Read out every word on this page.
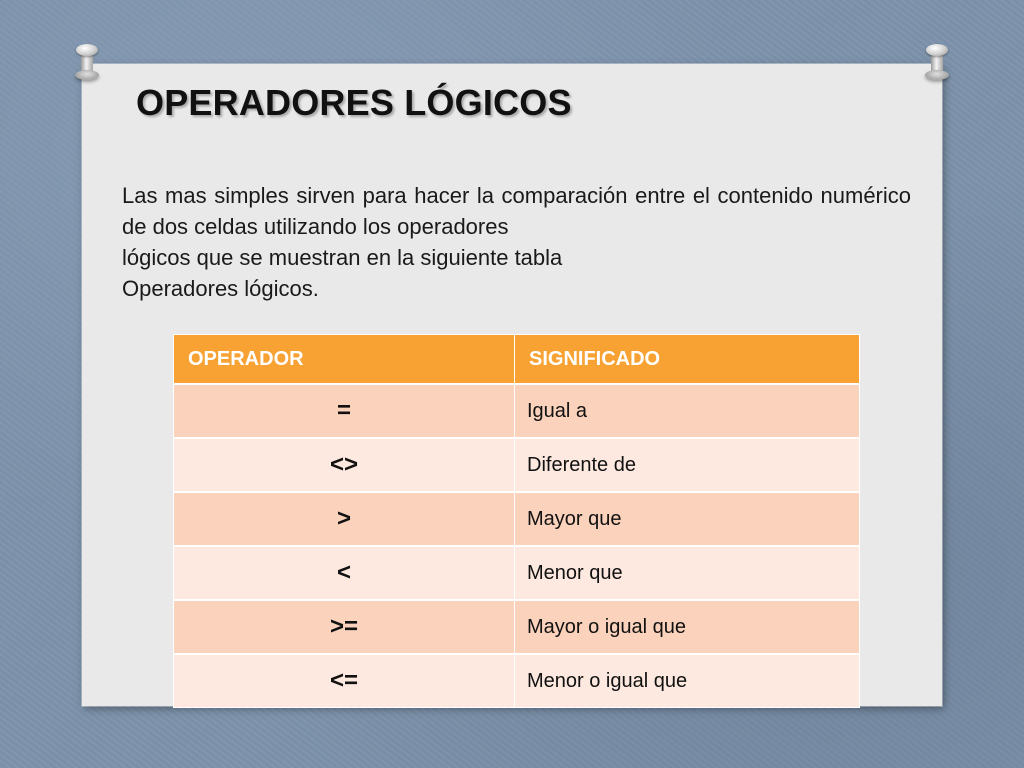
OPERADORES LÓGICOS

Las mas simples sirven para hacer la comparación entre el contenido numérico de dos celdas utilizando los operadores
lógicos que se muestran en la siguiente tabla
Operadores lógicos.

OPERADOR	SIGNIFICADO
=	Igual a
<>	Diferente de
>	Mayor que
<	Menor que
>=	Mayor o igual que
<=	Menor o igual que
